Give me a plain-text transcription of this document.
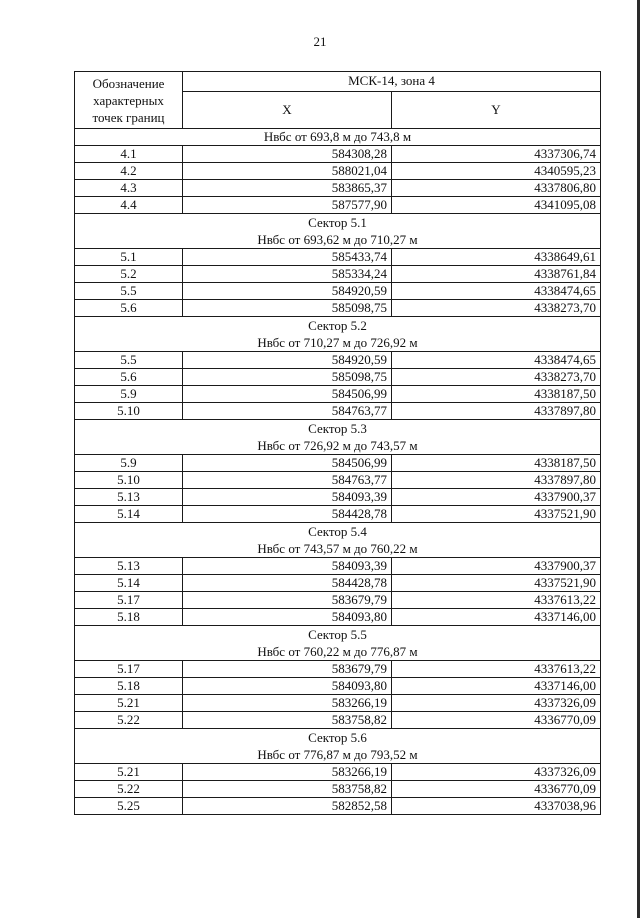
21
Обозначение характерных точек границ	МСК-14, зона 4	
	X	Y

Нвбс от 693,8 м до 743,8 м		

4.1	584308,28	4337306,74
4.2	588021,04	4340595,23
4.3	583865,37	4337806,80
4.4	587577,90	4341095,08

Сектор 5.1
Нвбс от 693,62 м до 710,27 м		

5.1	585433,74	4338649,61
5.2	585334,24	4338761,84
5.5	584920,59	4338474,65
5.6	585098,75	4338273,70

Сектор 5.2
Нвбс от 710,27 м до 726,92 м		

5.5	584920,59	4338474,65
5.6	585098,75	4338273,70
5.9	584506,99	4338187,50
5.10	584763,77	4337897,80

Сектор 5.3
Нвбс от 726,92 м до 743,57 м		

5.9	584506,99	4338187,50
5.10	584763,77	4337897,80
5.13	584093,39	4337900,37
5.14	584428,78	4337521,90

Сектор 5.4
Нвбс от 743,57 м до 760,22 м		

5.13	584093,39	4337900,37
5.14	584428,78	4337521,90
5.17	583679,79	4337613,22
5.18	584093,80	4337146,00

Сектор 5.5
Нвбс от 760,22 м до 776,87 м		

5.17	583679,79	4337613,22
5.18	584093,80	4337146,00
5.21	583266,19	4337326,09
5.22	583758,82	4336770,09

Сектор 5.6
Нвбс от 776,87 м до 793,52 м		

5.21	583266,19	4337326,09
5.22	583758,82	4336770,09
5.25	582852,58	4337038,96
